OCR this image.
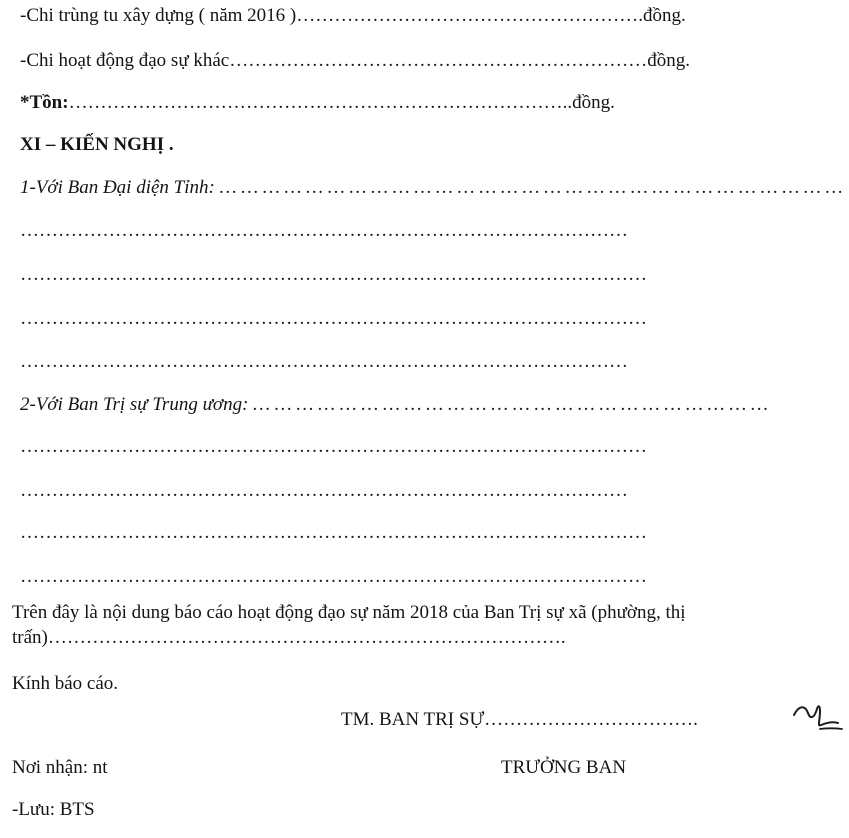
-Chi trùng tu xây dựng ( năm 2016 )……………………………………………….đồng.
-Chi hoạt động đạo sự khác…………………………………………………………đồng.
*Tồn:……………………………………………………………………..đồng.
XI – KIẾN NGHỊ .
1-Với Ban Đại diện Tỉnh: … … … … … … … … … … … … … … … … … … … … … … … … … … … … …
……………………………………………………………………………………
………………………………………………………………………………………
………………………………………………………………………………………
……………………………………………………………………………………
2-Với Ban Trị sự Trung ương: … … … … … … … … … … … … … … … … … … … … … … … …
………………………………………………………………………………………
……………………………………………………………………………………
………………………………………………………………………………………
………………………………………………………………………………………
Trên đây là nội dung báo cáo hoạt động đạo sự năm 2018 của Ban Trị sự xã (phường, thị
trấn)……………………………………………………………………….
Kính báo cáo.
TM. BAN TRỊ SỰ…………………………….
Nơi nhận: nt	TRƯỞNG BAN
-Lưu: BTS
